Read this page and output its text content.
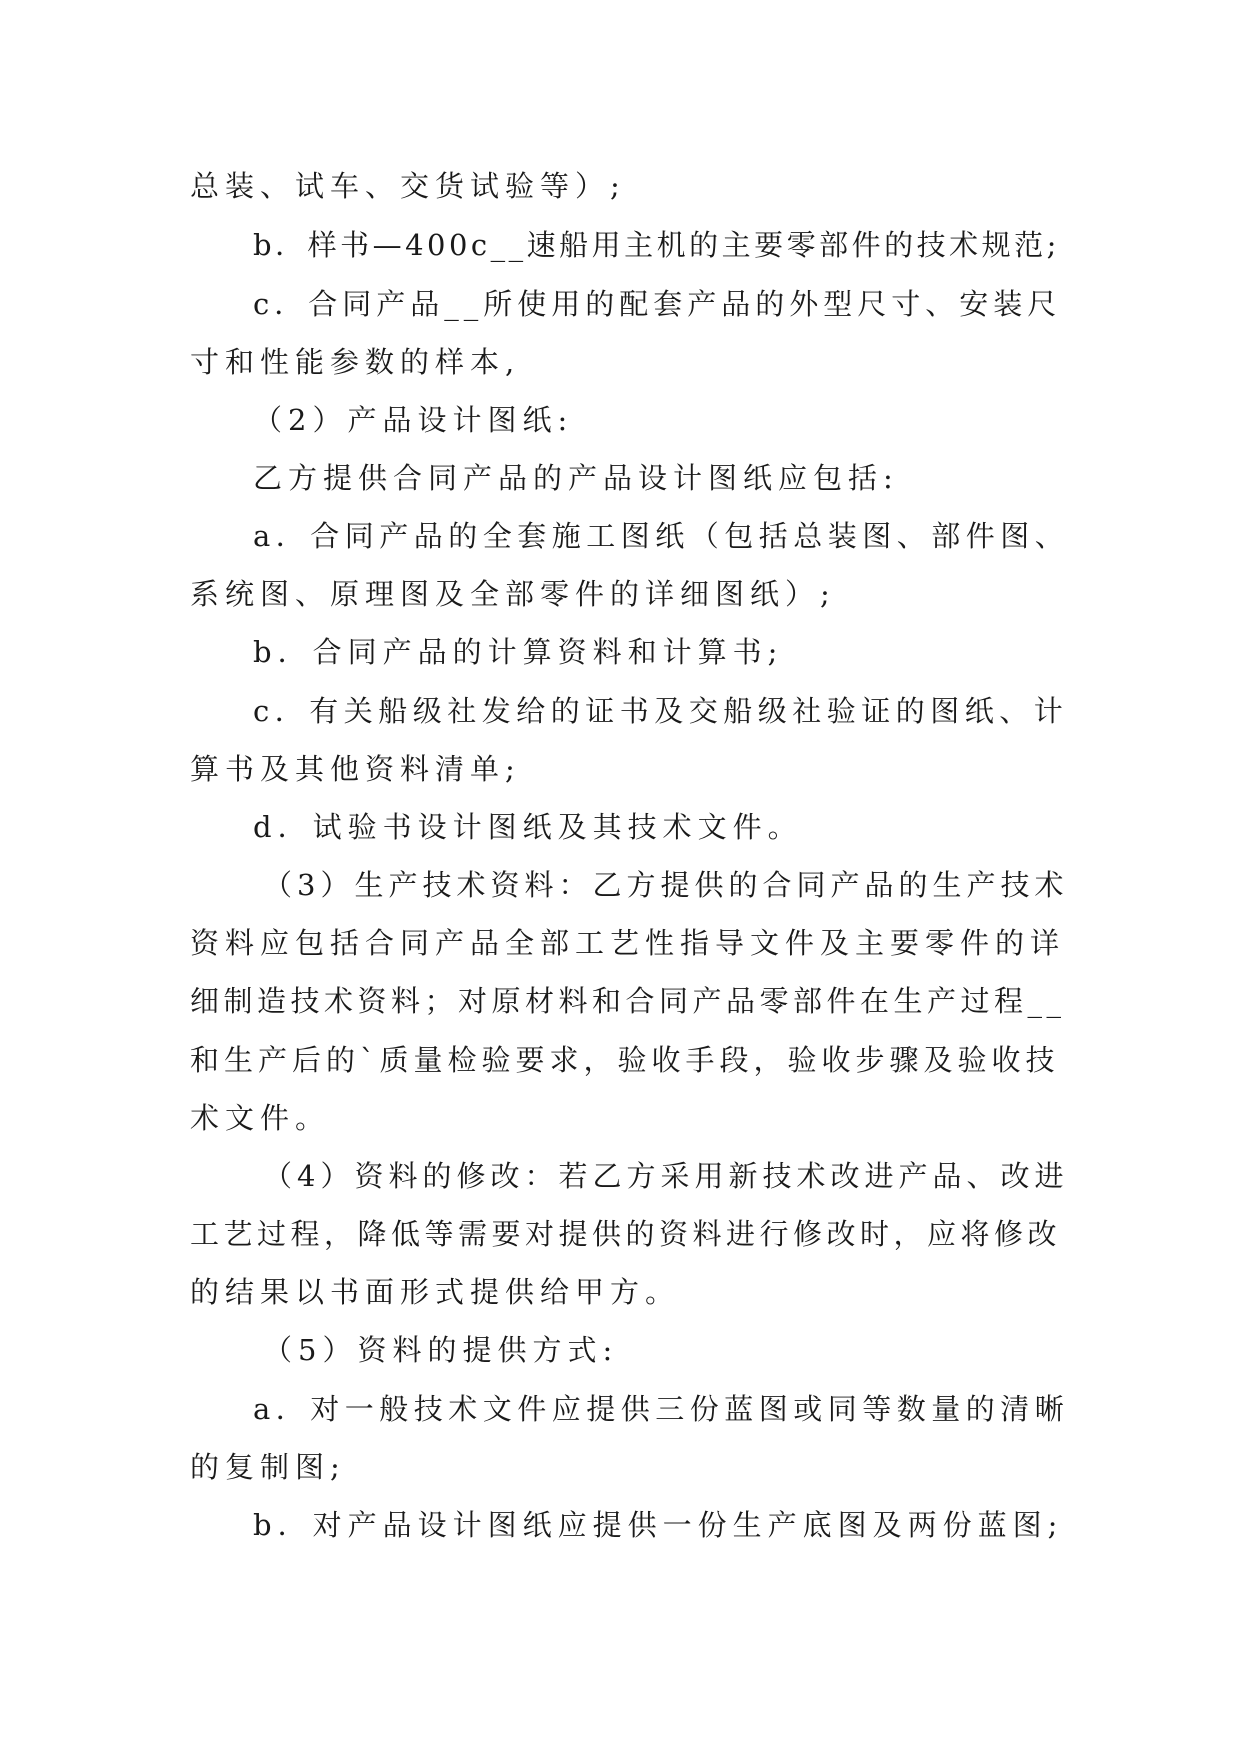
总装、试车、交货试验等）;
b．样书—400c__速船用主机的主要零部件的技术规范;
c．合同产品__所使用的配套产品的外型尺寸、安装尺
寸和性能参数的样本,
（2）产品设计图纸:
乙方提供合同产品的产品设计图纸应包括:
a．合同产品的全套施工图纸（包括总装图、部件图、
系统图、原理图及全部零件的详细图纸）;
b．合同产品的计算资料和计算书;
c．有关船级社发给的证书及交船级社验证的图纸、计
算书及其他资料清单;
d．试验书设计图纸及其技术文件。
（3）生产技术资料：乙方提供的合同产品的生产技术
资料应包括合同产品全部工艺性指导文件及主要零件的详
细制造技术资料；对原材料和合同产品零部件在生产过程__
和生产后的`质量检验要求，验收手段，验收步骤及验收技
术文件。
（4）资料的修改：若乙方采用新技术改进产品、改进
工艺过程，降低等需要对提供的资料进行修改时，应将修改
的结果以书面形式提供给甲方。
（5）资料的提供方式:
a．对一般技术文件应提供三份蓝图或同等数量的清晰
的复制图;
b．对产品设计图纸应提供一份生产底图及两份蓝图;
